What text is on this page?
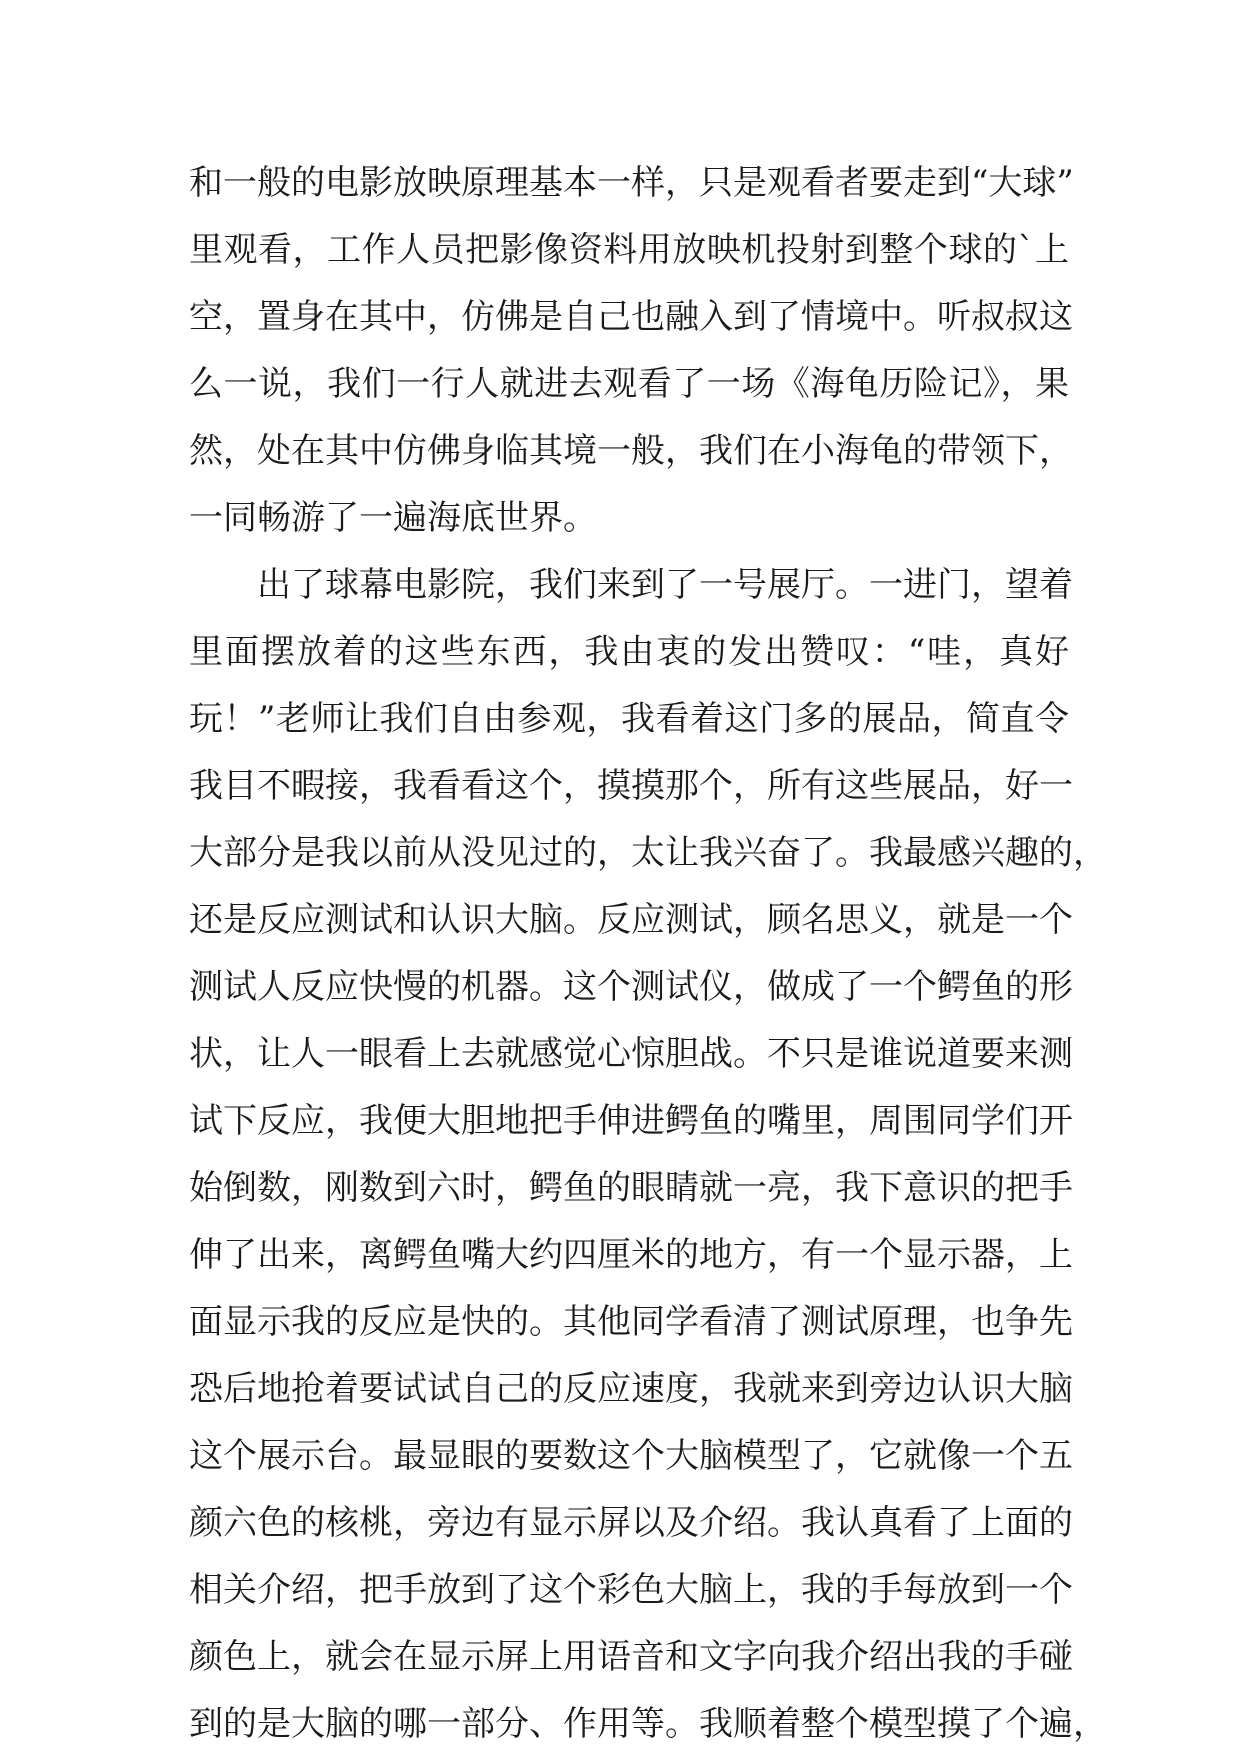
和一般的电影放映原理基本一样，只是观看者要走到“大球”
里观看，工作人员把影像资料用放映机投射到整个球的`上
空，置身在其中，仿佛是自己也融入到了情境中。听叔叔这
么一说，我们一行人就进去观看了一场《海龟历险记》，果
然，处在其中仿佛身临其境一般，我们在小海龟的带领下，
一同畅游了一遍海底世界。
出了球幕电影院，我们来到了一号展厅。一进门，望着
里面摆放着的这些东西，我由衷的发出赞叹：“哇，真好
玩！”老师让我们自由参观，我看着这门多的展品，简直令
我目不暇接，我看看这个，摸摸那个，所有这些展品，好一
大部分是我以前从没见过的，太让我兴奋了。我最感兴趣的，
还是反应测试和认识大脑。反应测试，顾名思义，就是一个
测试人反应快慢的机器。这个测试仪，做成了一个鳄鱼的形
状，让人一眼看上去就感觉心惊胆战。不只是谁说道要来测
试下反应，我便大胆地把手伸进鳄鱼的嘴里，周围同学们开
始倒数，刚数到六时，鳄鱼的眼睛就一亮，我下意识的把手
伸了出来，离鳄鱼嘴大约四厘米的地方，有一个显示器，上
面显示我的反应是快的。其他同学看清了测试原理，也争先
恐后地抢着要试试自己的反应速度，我就来到旁边认识大脑
这个展示台。最显眼的要数这个大脑模型了，它就像一个五
颜六色的核桃，旁边有显示屏以及介绍。我认真看了上面的
相关介绍，把手放到了这个彩色大脑上，我的手每放到一个
颜色上，就会在显示屏上用语音和文字向我介绍出我的手碰
到的是大脑的哪一部分、作用等。我顺着整个模型摸了个遍，
